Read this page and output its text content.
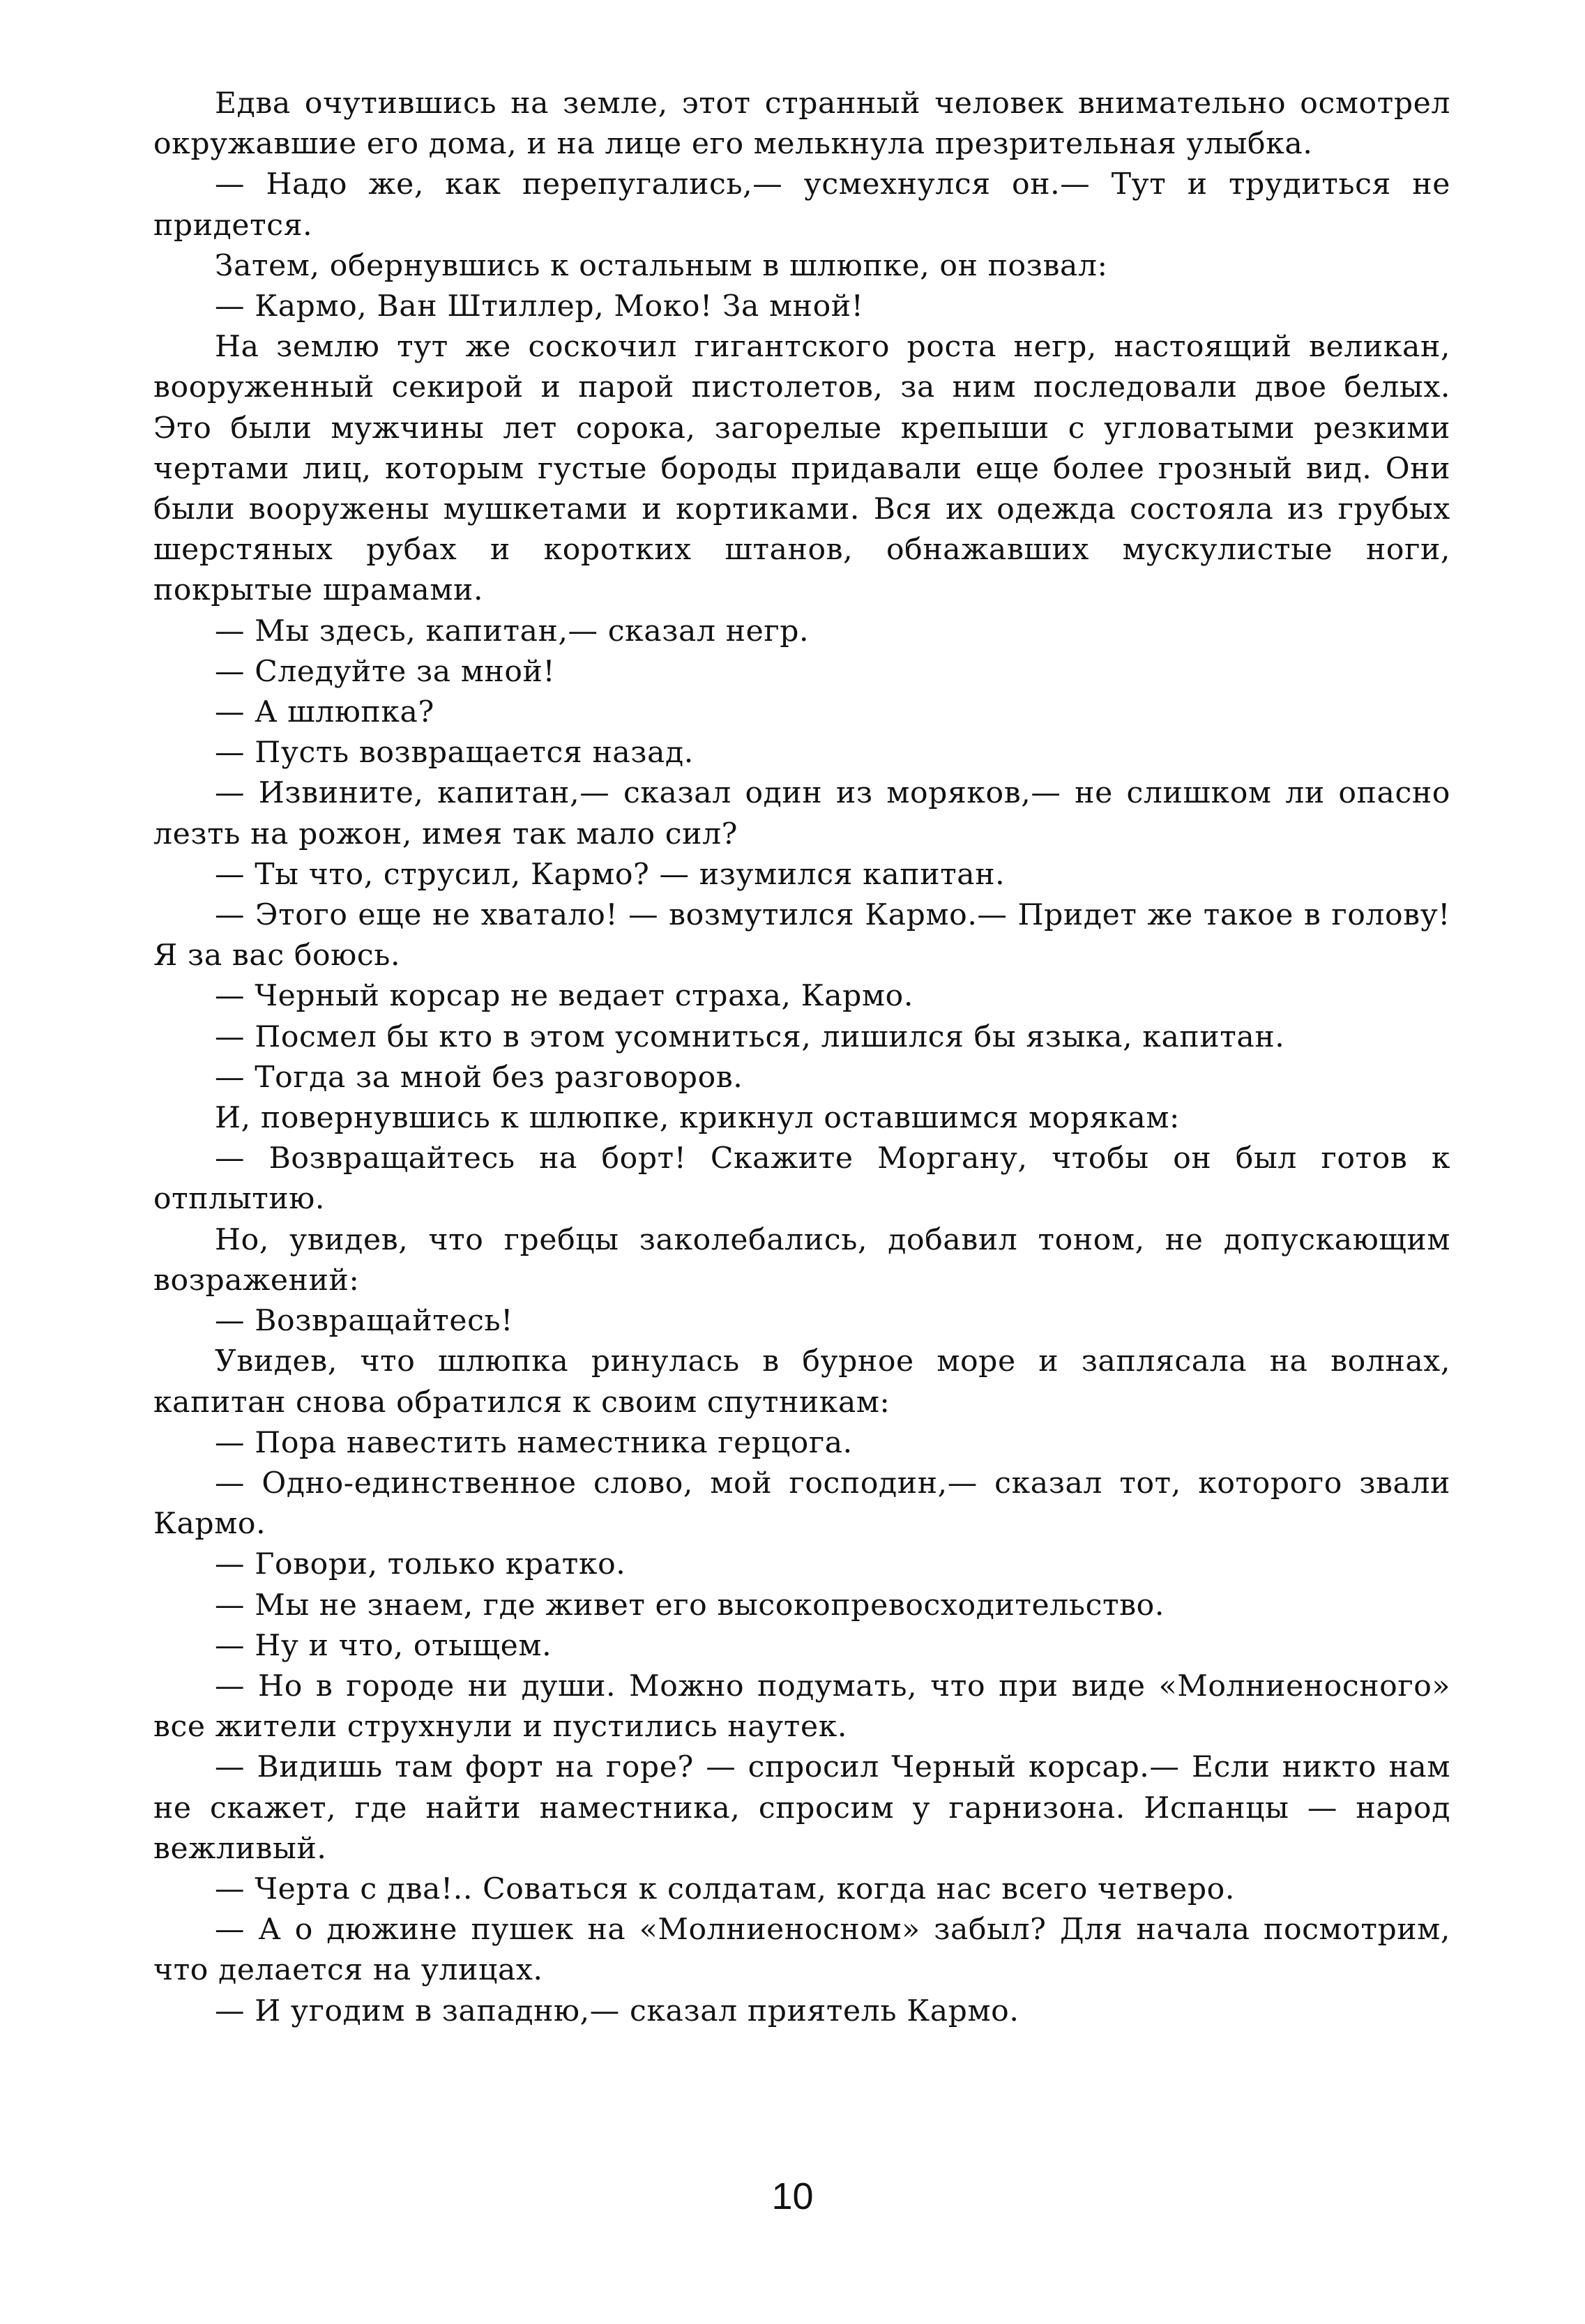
Едва очутившись на земле, этот странный человек внимательно осмотрел окружавшие его дома, и на лице его мелькнула презрительная улыбка.

— Надо же, как перепугались,— усмехнулся он.— Тут и трудиться не придется.

Затем, обернувшись к остальным в шлюпке, он позвал:

— Кармо, Ван Штиллер, Моко! За мной!

На землю тут же соскочил гигантского роста негр, настоящий великан, вооруженный секирой и парой пистолетов, за ним последовали двое белых. Это были мужчины лет сорока, загорелые крепыши с угловатыми резкими чертами лиц, которым густые бороды придавали еще более грозный вид. Они были вооружены мушкетами и кортиками. Вся их одежда состояла из грубых шерстяных рубах и коротких штанов, обнажавших мускулистые ноги, покрытые шрамами.

— Мы здесь, капитан,— сказал негр.

— Следуйте за мной!

— А шлюпка?

— Пусть возвращается назад.

— Извините, капитан,— сказал один из моряков,— не слишком ли опасно лезть на рожон, имея так мало сил?

— Ты что, струсил, Кармо? — изумился капитан.

— Этого еще не хватало! — возмутился Кармо.— Придет же такое в голову! Я за вас боюсь.

— Черный корсар не ведает страха, Кармо.

— Посмел бы кто в этом усомниться, лишился бы языка, капитан.

— Тогда за мной без разговоров.

И, повернувшись к шлюпке, крикнул оставшимся морякам:

— Возвращайтесь на борт! Скажите Моргану, чтобы он был готов к отплытию.

Но, увидев, что гребцы заколебались, добавил тоном, не допускающим возражений:

— Возвращайтесь!

Увидев, что шлюпка ринулась в бурное море и заплясала на волнах, капитан снова обратился к своим спутникам:

— Пора навестить наместника герцога.

— Одно-единственное слово, мой господин,— сказал тот, которого звали Кармо.

— Говори, только кратко.

— Мы не знаем, где живет его высокопревосходительство.

— Ну и что, отыщем.

— Но в городе ни души. Можно подумать, что при виде «Молниеносного» все жители струхнули и пустились наутек.

— Видишь там форт на горе? — спросил Черный корсар.— Если никто нам не скажет, где найти наместника, спросим у гарнизона. Испанцы — народ вежливый.

— Черта с два!.. Соваться к солдатам, когда нас всего четверо.

— А о дюжине пушек на «Молниеносном» забыл? Для начала посмотрим, что делается на улицах.

— И угодим в западню,— сказал приятель Кармо.

10
